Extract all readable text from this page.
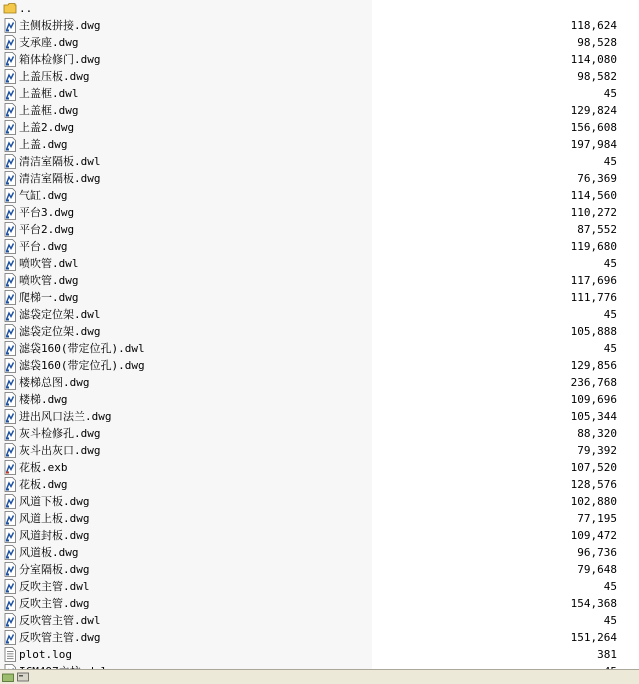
..
主侧板拼接.dwg	118,624
支承座.dwg	98,528
箱体检修门.dwg	114,080
上盖压板.dwg	98,582
上盖框.dwl	45
上盖框.dwg	129,824
上盖2.dwg	156,608
上盖.dwg	197,984
清洁室隔板.dwl	45
清洁室隔板.dwg	76,369
气缸.dwg	114,560
平台3.dwg	110,272
平台2.dwg	87,552
平台.dwg	119,680
喷吹管.dwl	45
喷吹管.dwg	117,696
爬梯一.dwg	111,776
滤袋定位架.dwl	45
滤袋定位架.dwg	105,888
滤袋160(带定位孔).dwl	45
滤袋160(带定位孔).dwg	129,856
楼梯总图.dwg	236,768
楼梯.dwg	109,696
进出风口法兰.dwg	105,344
灰斗检修孔.dwg	88,320
灰斗出灰口.dwg	79,392
花板.exb	107,520
花板.dwg	128,576
风道下板.dwg	102,880
风道上板.dwg	77,195
风道封板.dwg	109,472
风道板.dwg	96,736
分室隔板.dwg	79,648
反吹主管.dwl	45
反吹主管.dwg	154,368
反吹管主管.dwl	45
反吹管主管.dwg	151,264
plot.log	381
